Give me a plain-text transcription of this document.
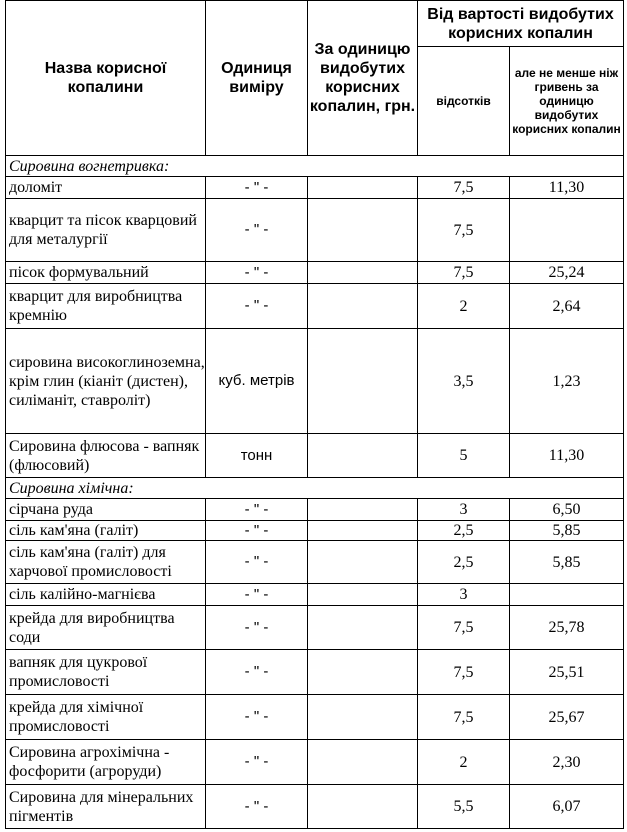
Назва корисної копалини	Одиниця виміру	За одиницю видобутих корисних копалин, грн.	Від вартості видобутих корисних копалин	
			відсотків	але не менше ніж гривень за одиницю видобутих корисних копалин
Сировина вогнетривка:				
доломіт	- " -		7,5	11,30
кварцит та пісок кварцовий для металургії	- " -		7,5	
пісок формувальний	- " -		7,5	25,24
кварцит для виробництва кремнію	- " -		2	2,64
сировина високоглиноземна, крім глин (кіаніт (дистен), силіманіт, ставроліт)	куб. метрів		3,5	1,23
Сировина флюсова - вапняк (флюсовий)	тонн		5	11,30
Сировина хімічна:				
сірчана руда	- " -		3	6,50
сіль кам'яна (галіт)	- " -		2,5	5,85
сіль кам'яна (галіт) для харчової промисловості	- " -		2,5	5,85
сіль калійно-магнієва	- " -		3	
крейда для виробництва соди	- " -		7,5	25,78
вапняк для цукрової промисловості	- " -		7,5	25,51
крейда для хімічної промисловості	- " -		7,5	25,67
Сировина агрохімічна - фосфорити (агроруди)	- " -		2	2,30
Сировина для мінеральних пігментів	- " -		5,5	6,07
